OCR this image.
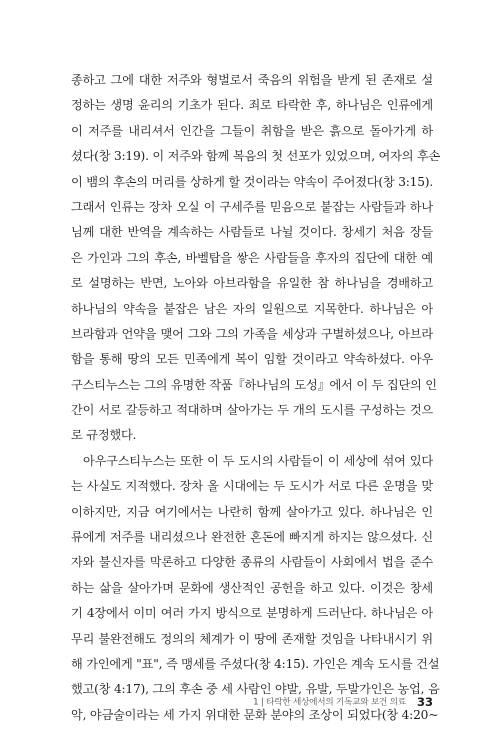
종하고 그에 대한 저주와 형벌로서 죽음의 위험을 받게 된 존재로 설
정하는 생명 윤리의 기초가 된다. 죄로 타락한 후, 하나님은 인류에게
이 저주를 내리셔서 인간을 그들이 취함을 받은 흙으로 돌아가게 하
셨다(창 3:19). 이 저주와 함께 복음의 첫 선포가 있었으며, 여자의 후손
이 뱀의 후손의 머리를 상하게 할 것이라는 약속이 주어졌다(창 3:15).
그래서 인류는 장차 오실 이 구세주를 믿음으로 붙잡는 사람들과 하나
님께 대한 반역을 계속하는 사람들로 나뉠 것이다. 창세기 처음 장들
은 가인과 그의 후손, 바벨탑을 쌓은 사람들을 후자의 집단에 대한 예
로 설명하는 반면, 노아와 아브라함을 유일한 참 하나님을 경배하고
하나님의 약속을 붙잡은 남은 자의 일원으로 지목한다. 하나님은 아
브라함과 언약을 맺어 그와 그의 가족을 세상과 구별하셨으나, 아브라
함을 통해 땅의 모든 민족에게 복이 임할 것이라고 약속하셨다. 아우
구스티누스는 그의 유명한 작품『하나님의 도성』에서 이 두 집단의 인
간이 서로 갈등하고 적대하며 살아가는 두 개의 도시를 구성하는 것으
로 규정했다.

아우구스티누스는 또한 이 두 도시의 사람들이 이 세상에 섞여 있다
는 사실도 지적했다. 장차 올 시대에는 두 도시가 서로 다른 운명을 맞
이하지만, 지금 여기에서는 나란히 함께 살아가고 있다. 하나님은 인
류에게 저주를 내리셨으나 완전한 혼돈에 빠지게 하지는 않으셨다. 신
자와 불신자를 막론하고 다양한 종류의 사람들이 사회에서 법을 준수
하는 삶을 살아가며 문화에 생산적인 공헌을 하고 있다. 이것은 창세
기 4장에서 이미 여러 가지 방식으로 분명하게 드러난다. 하나님은 아
무리 불완전해도 정의의 체계가 이 땅에 존재할 것임을 나타내시기 위
해 가인에게 "표", 즉 맹세를 주셨다(창 4:15). 가인은 계속 도시를 건설
했고(창 4:17), 그의 후손 중 세 사람인 야발, 유발, 두발가인은 농업, 음
악, 야금술이라는 세 가지 위대한 문화 분야의 조상이 되었다(창 4:20~

1 | 타락한 세상에서의 기독교와 보건 의료 33
